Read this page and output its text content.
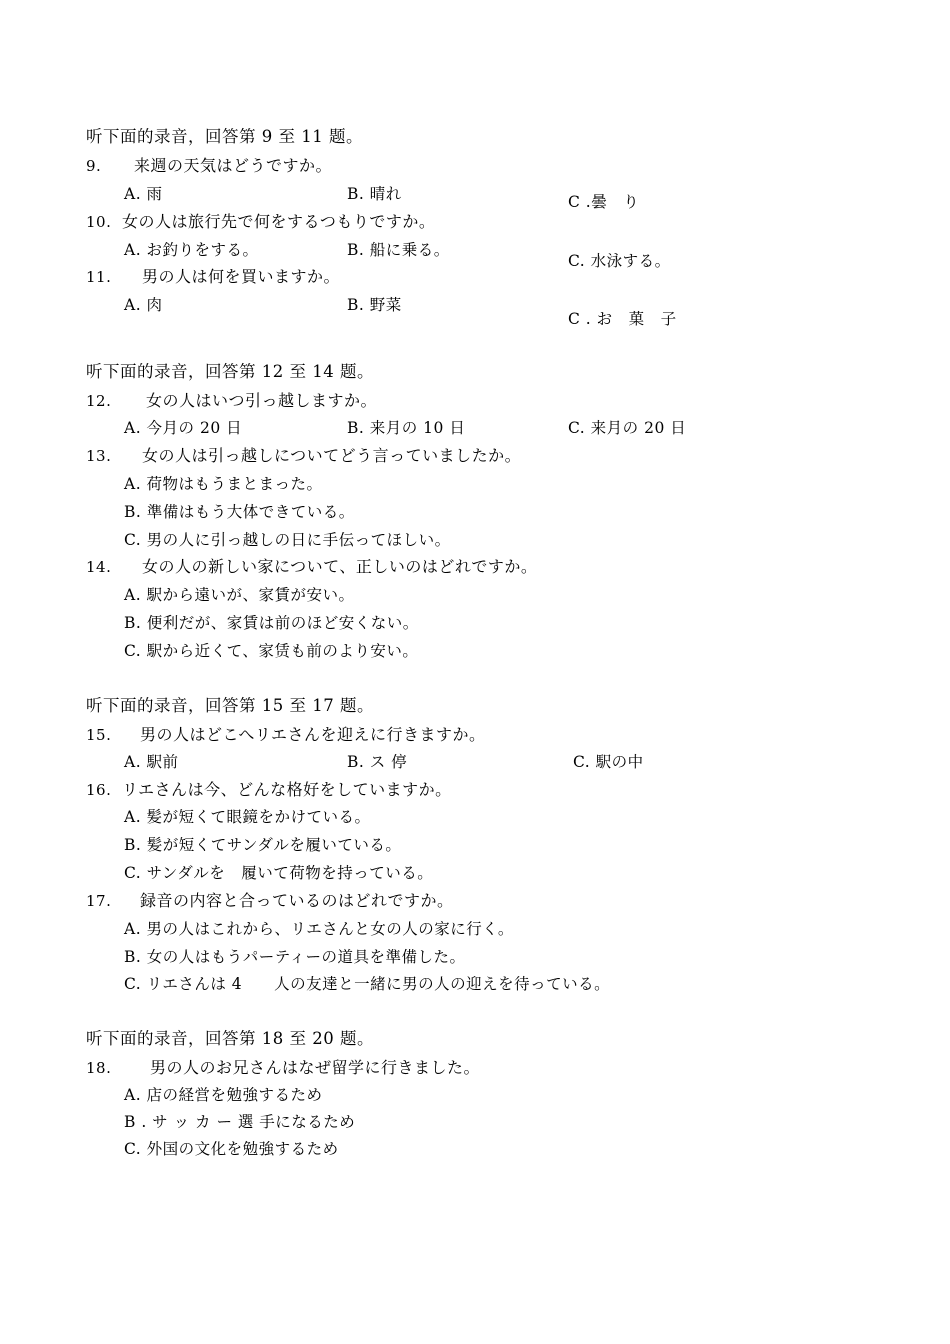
听下面的录音，回答第 9 至 11 题。
9. 来週の天気はどうですか。
A. 雨	B. 晴れ	C .曇　り
10. 女の人は旅行先で何をするつもりですか。
A. お釣りをする。	B. 船に乗る。
C. 水泳する。
11. 男の人は何を買いますか。
A. 肉	B. 野菜
C . お　菓　子
听下面的录音，回答第 12 至 14 题。
12. 女の人はいつ引っ越しますか。
A. 今月の 20 日	B. 来月の 10 日	C. 来月の 20 日
13. 女の人は引っ越しについてどう言っていましたか。
A. 荷物はもうまとまった。
B. 準備はもう大体できている。
C. 男の人に引っ越しの日に手伝ってほしい。
14. 女の人の新しい家について、正しいのはどれですか。
A. 駅から遠いが、家賃が安い。
B. 便利だが、家賃は前のほど安くない。
C. 駅から近くて、家赁も前のより安い。
听下面的录音，回答第 15 至 17 题。
15. 男の人はどこへリエさんを迎えに行きますか。
A. 駅前	B. ス 停	C. 駅の中
16. リエさんは今、どんな格好をしていますか。
A. 髪が短くて眼鏡をかけている。
B. 髪が短くてサンダルを履いている。
C. サンダルを　履いて荷物を持っている。
17. 録音の内容と合っているのはどれですか。
A. 男の人はこれから、リエさんと女の人の家に行く。
B. 女の人はもうパーティーの道具を準備した。
C. リエさんは 4　　人の友達と一緒に男の人の迎えを待っている。
听下面的录音，回答第 18 至 20 题。
18. 男の人のお兄さんはなぜ留学に行きました。
A. 店の経営を勉強するため
B . サ ッ カ ー 選 手になるため
C. 外国の文化を勉強するため
